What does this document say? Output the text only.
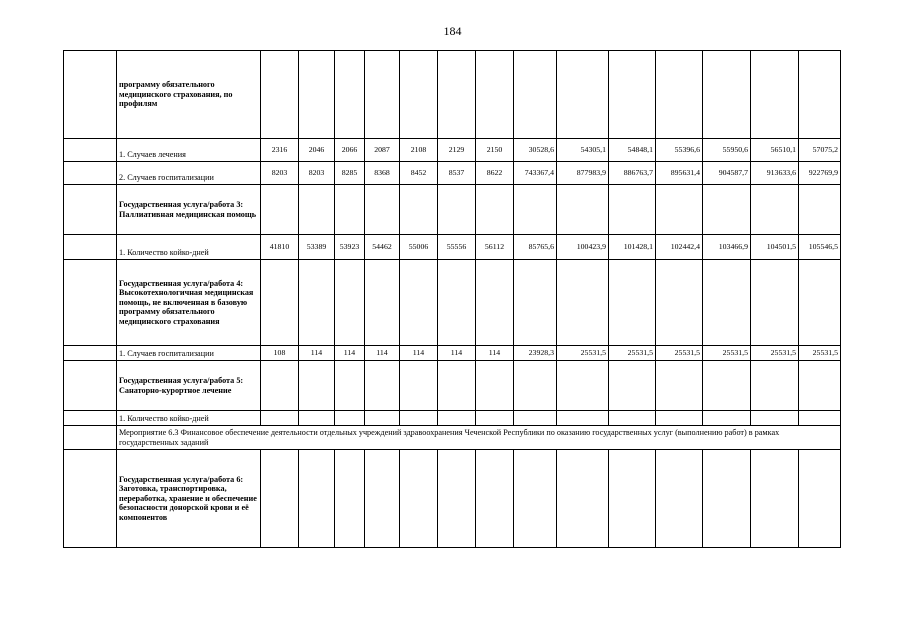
184
	программу обязательного медицинского страхования, по профилям														
	1. Случаев лечения	2316	2046	2066	2087	2108	2129	2150	30528,6	54305,1	54848,1	55396,6	55950,6	56510,1	57075,2
	2. Случаев госпитализации	8203	8203	8285	8368	8452	8537	8622	743367,4	877983,9	886763,7	895631,4	904587,7	913633,6	922769,9
	Государственная услуга/работа 3: Паллиативная медицинская помощь														
	1. Количество койко-дней	41810	53389	53923	54462	55006	55556	56112	85765,6	100423,9	101428,1	102442,4	103466,9	104501,5	105546,5
	Государственная услуга/работа 4: Высокотехнологичная медицинская помощь, не включенная в базовую программу обязательного медицинского страхования														
	1. Случаев госпитализации	108	114	114	114	114	114	114	23928,3	25531,5	25531,5	25531,5	25531,5	25531,5	25531,5
	Государственная услуга/работа 5: Санаторно-курортное лечение														
	1. Количество койко-дней														
	Мероприятие 6.3 Финансовое обеспечение деятельности отдельных учреждений здравоохранения Чеченской Республики по оказанию государственных услуг (выполнению работ) в рамках государственных заданий														
	Государственная услуга/работа 6: Заготовка, транспортировка, переработка, хранение и обеспечение безопасности донорской крови и её компонентов														
